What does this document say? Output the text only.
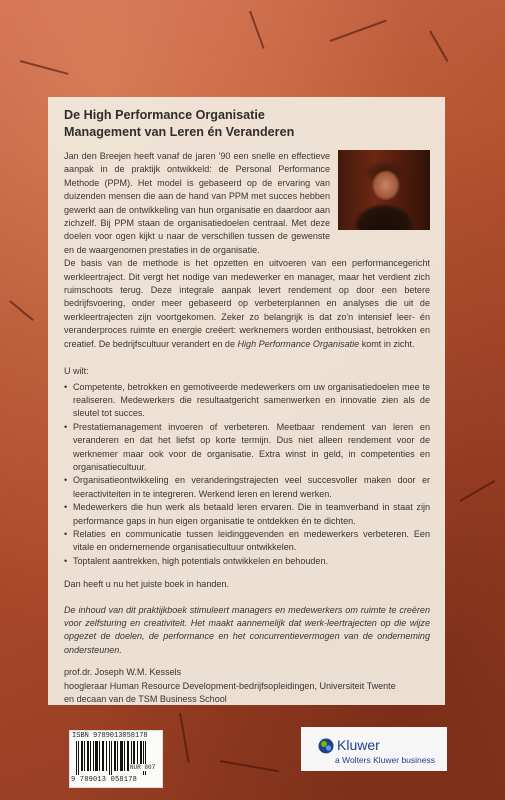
De High Performance Organisatie
Management van Leren én Veranderen

Jan den Breejen heeft vanaf de jaren '90 een snelle en effectieve aanpak in de praktijk ontwikkeld: de Personal Performance Methode (PPM). Het model is gebaseerd op de ervaring van duizenden mensen die aan de hand van PPM met succes hebben gewerkt aan de ontwikkeling van hun organisatie en daardoor aan zichzelf. Bij PPM staan de organisatiedoelen centraal. Met deze doelen voor ogen kijkt u naar de verschillen tussen de gewenste en de waargenomen prestaties in de organisatie.

De basis van de methode is het opzetten en uitvoeren van een performancegericht werkleertraject. Dit vergt het nodige van medewerker en manager, maar het verdient zich ruimschoots terug. Deze integrale aanpak levert rendement op door een betere bedrijfsvoering, onder meer gebaseerd op verbeterplannen en analyses die uit de werkleertrajecten zijn voortgekomen. Zeker zo belangrijk is dat zo'n intensief leer- én veranderproces ruimte en energie creëert: werknemers worden enthousiast, betrokken en creatief. De bedrijfscultuur verandert en de High Performance Organisatie komt in zicht.

U wilt:

• Competente, betrokken en gemotiveerde medewerkers om uw organisatiedoelen mee te realiseren. Medewerkers die resultaatgericht samenwerken en innovatie zien als de sleutel tot succes.
• Prestatiemanagement invoeren of verbeteren. Meetbaar rendement van leren en veranderen en dat het liefst op korte termijn. Dus niet alleen rendement voor de werknemer maar ook voor de organisatie. Extra winst in geld, in competenties en organisatiecultuur.
• Organisatieontwikkeling en veranderingstrajecten veel succesvoller maken door er leeractiviteiten in te integreren. Werkend leren en lerend werken.
• Medewerkers die hun werk als betaald leren ervaren. Die in teamverband in staat zijn performance gaps in hun eigen organisatie te ontdekken én te dichten.
• Relaties en communicatie tussen leidinggevenden en medewerkers verbeteren. Een vitale en ondernemende organisatiecultuur ontwikkelen.
• Toptalent aantrekken, high potentials ontwikkelen en behouden.

Dan heeft u nu het juiste boek in handen.

De inhoud van dit praktijkboek stimuleert managers en medewerkers om ruimte te creëren voor zelfsturing en creativiteit. Het maakt aannemelijk dat werk-leertrajecten op die wijze opgezet de doelen, de performance en het concurrentievermogen van de onderneming ondersteunen.

prof.dr. Joseph W.M. Kessels

hoogleraar Human Resource Development-bedrijfsopleidingen, Universiteit Twente

en decaan van de TSM Business School

ISBN 9789013058178
NUR 807
9 789013 058178
Kluwer
a Wolters Kluwer business
